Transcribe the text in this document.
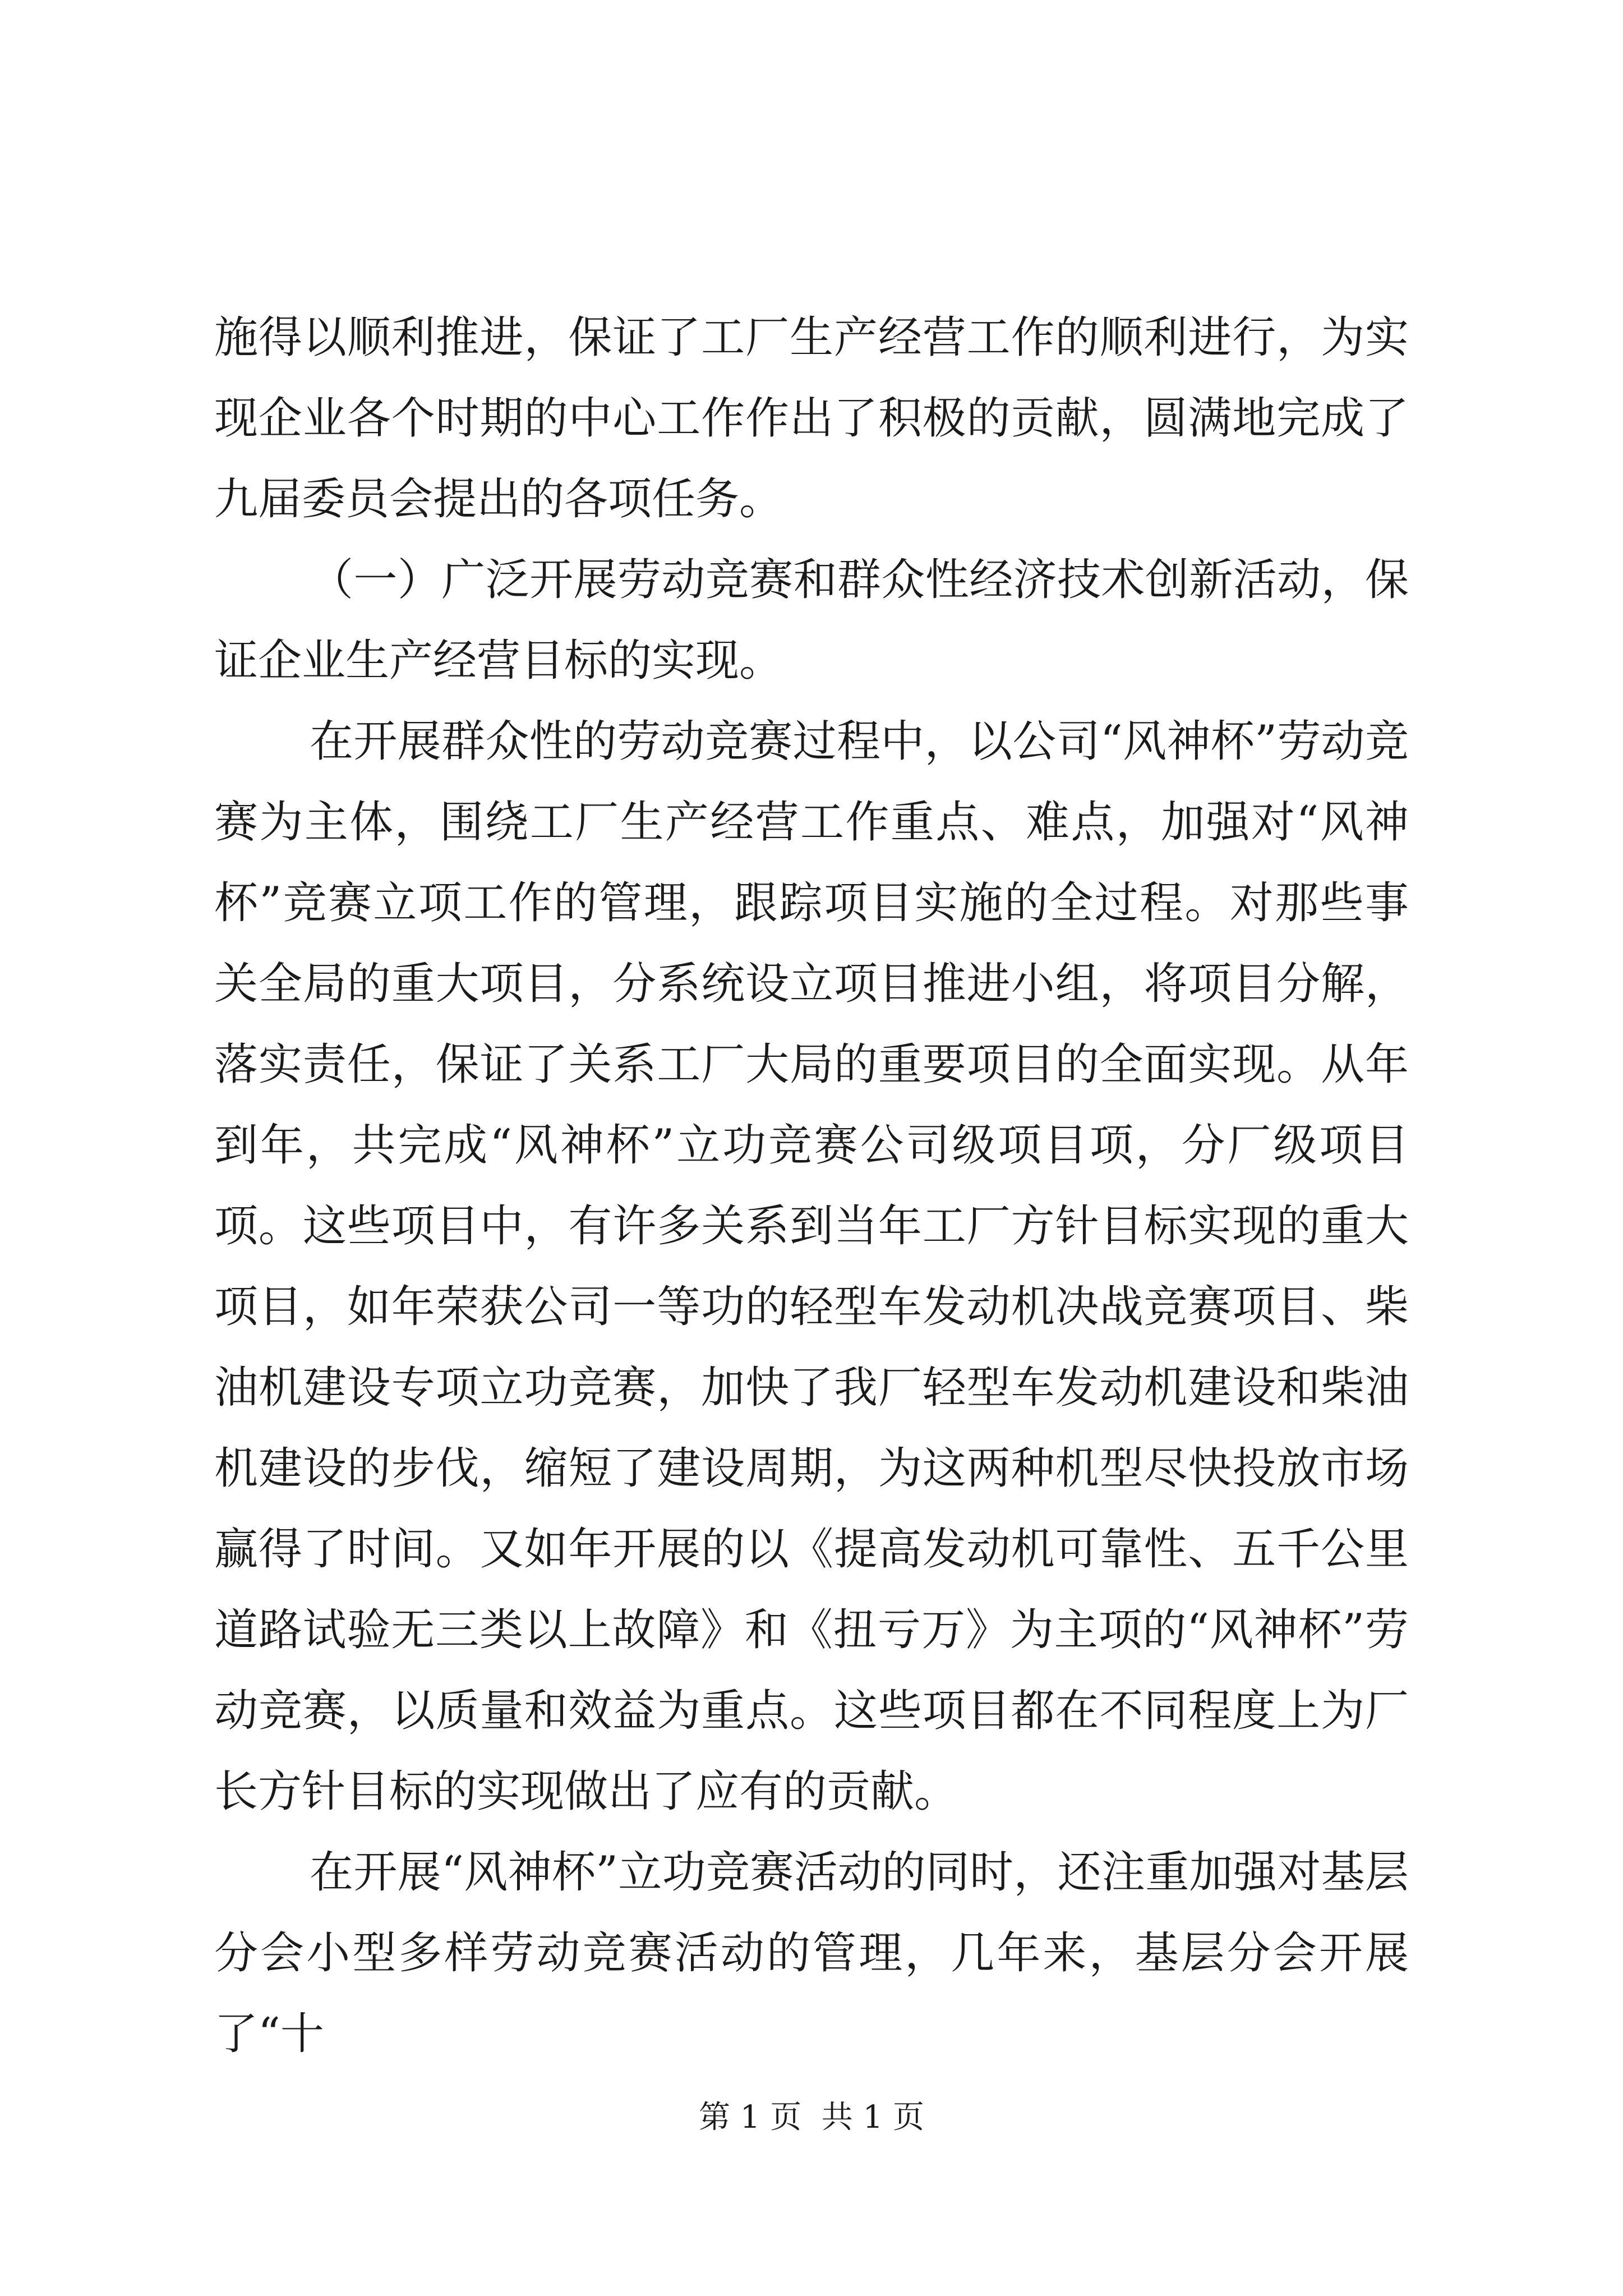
施得以顺利推进，保证了工厂生产经营工作的顺利进行，为实现企业各个时期的中心工作作出了积极的贡献，圆满地完成了九届委员会提出的各项任务。

（一）广泛开展劳动竞赛和群众性经济技术创新活动，保证企业生产经营目标的实现。

在开展群众性的劳动竞赛过程中，以公司“风神杯”劳动竞赛为主体，围绕工厂生产经营工作重点、难点，加强对“风神杯”竞赛立项工作的管理，跟踪项目实施的全过程。对那些事关全局的重大项目，分系统设立项目推进小组，将项目分解，落实责任，保证了关系工厂大局的重要项目的全面实现。从年到年，共完成“风神杯”立功竞赛公司级项目项，分厂级项目项。这些项目中，有许多关系到当年工厂方针目标实现的重大项目，如年荣获公司一等功的轻型车发动机决战竞赛项目、柴油机建设专项立功竞赛，加快了我厂轻型车发动机建设和柴油机建设的步伐，缩短了建设周期，为这两种机型尽快投放市场赢得了时间。又如年开展的以《提高发动机可靠性、五千公里道路试验无三类以上故障》和《扭亏万》为主项的“风神杯”劳动竞赛，以质量和效益为重点。这些项目都在不同程度上为厂长方针目标的实现做出了应有的贡献。

在开展“风神杯”立功竞赛活动的同时，还注重加强对基层分会小型多样劳动竞赛活动的管理，几年来，基层分会开展了“十

第 1 页  共 1 页
